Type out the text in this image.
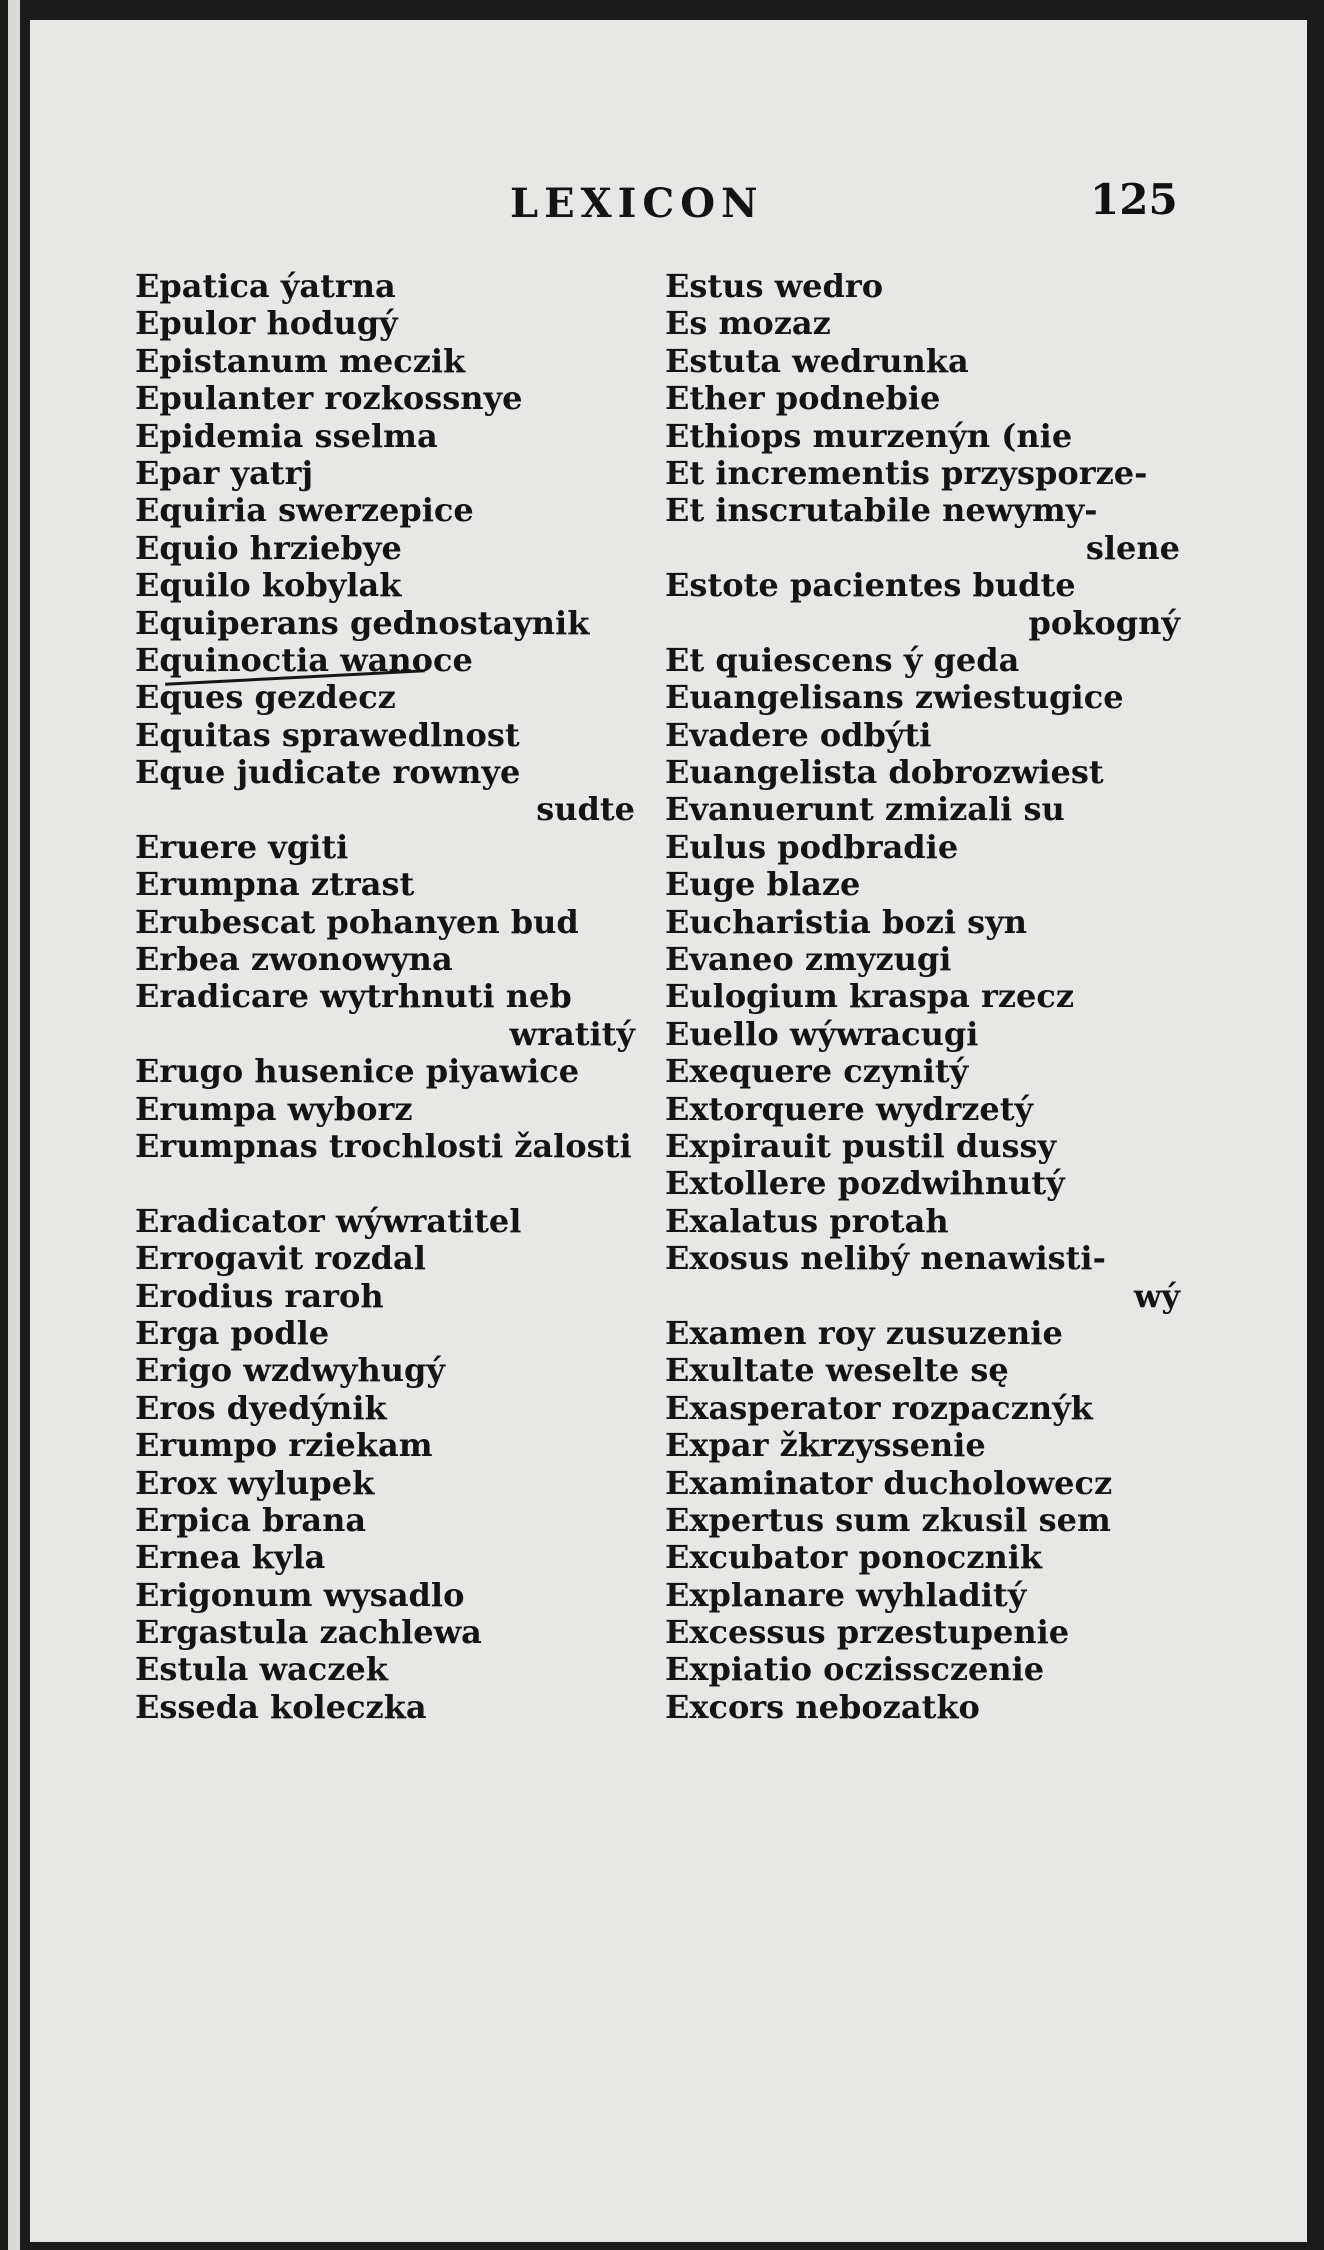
LEXICON	125
Epatica ýatrna
Epulor hodugý
Epistanum meczik
Epulanter rozkossnye
Epidemia sselma
Epar yatrj
Equiria swerzepice
Equio hrziebye
Equilo kobylak
Equiperans gednostaynik
Equinoctia wanoce
Eques gezdecz
Equitas sprawedlnost
Eque judicate rownye
sudte
Eruere vgiti
Erumpna ztrast
Erubescat pohanyen bud
Erbea zwonowyna
Eradicare wytrhnuti neb
wratitý
Erugo husenice piyawice
Erumpa wyborz
Erumpnas trochlosti žalosti
Eradicator wýwratitel
Errogavit rozdal
Erodius raroh
Erga podle
Erigo wzdwyhugý
Eros dyedýnik
Erumpo rziekam
Erox wylupek
Erpica brana
Ernea kyla
Erigonum wysadlo
Ergastula zachlewa
Estula waczek
Esseda koleczka
Estus wedro
Es mozaz
Estuta wedrunka
Ether podnebie
Ethiops murzenýn (nie
Et incrementis przysporze-
Et inscrutabile newymy-
slene
Estote pacientes budte
pokogný
Et quiescens ý geda
Euangelisans zwiestugice
Evadere odbýti
Euangelista dobrozwiest
Evanuerunt zmizali su
Eulus podbradie
Euge blaze
Eucharistia bozi syn
Evaneo zmyzugi
Eulogium kraspa rzecz
Euello wýwracugi
Exequere czynitý
Extorquere wydrzetý
Expirauit pustil dussy
Extollere pozdwihnutý
Exalatus protah
Exosus nelibý nenawisti-
wý
Examen roy zusuzenie
Exultate weselte sę
Exasperator rozpacznýk
Expar žkrzyssenie
Examinator ducholowecz
Expertus sum zkusil sem
Excubator ponocznik
Explanare wyhladitý
Excessus przestupenie
Expiatio oczissczenie
Excors nebozatko
